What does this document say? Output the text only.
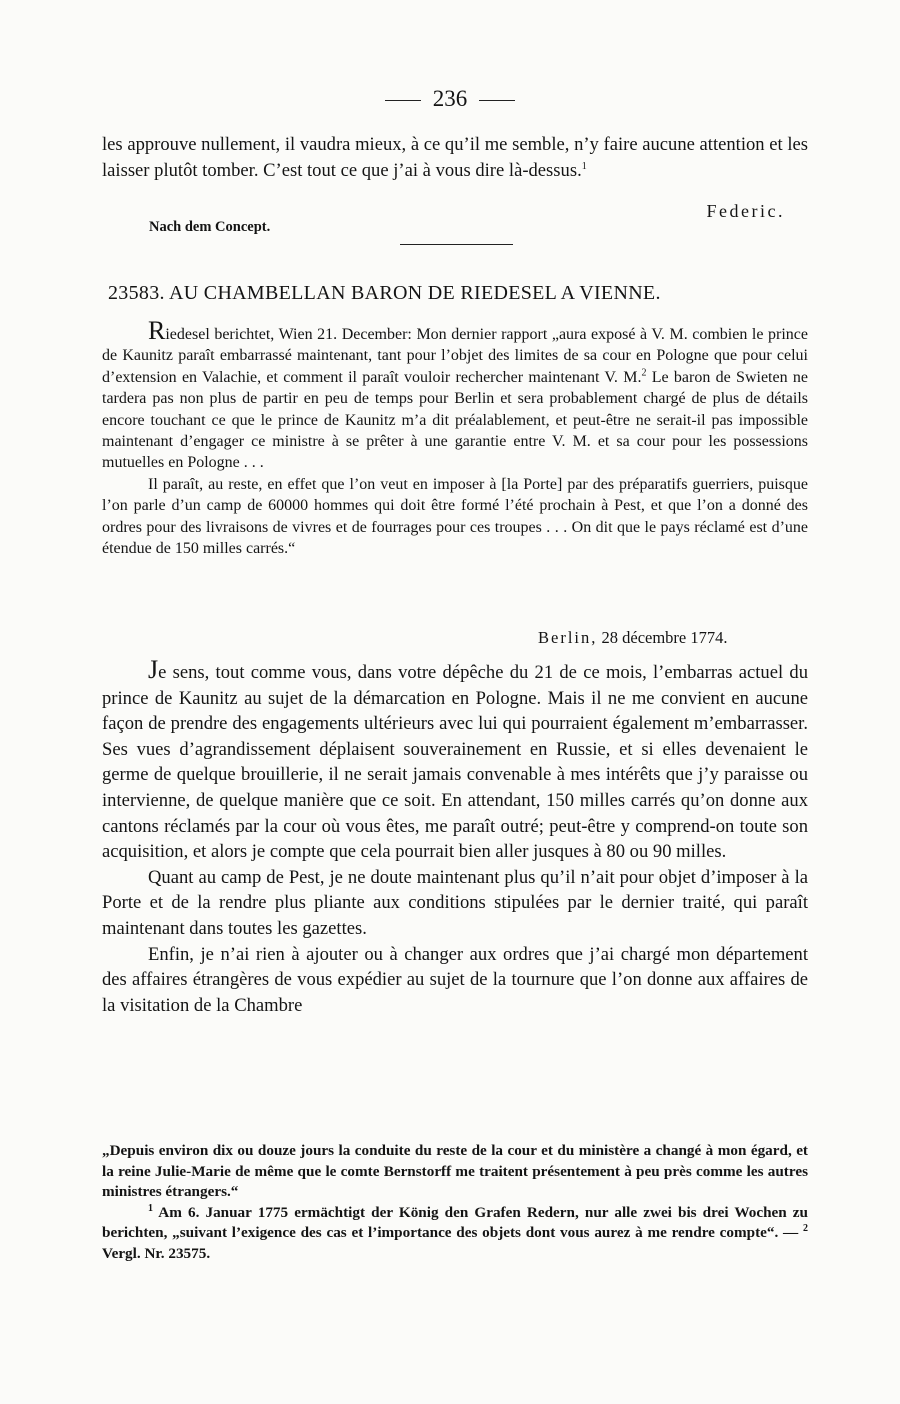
236

les approuve nullement, il vaudra mieux, à ce qu’il me semble, n’y faire aucune attention et les laisser plutôt tomber. C’est tout ce que j’ai à vous dire là-dessus.$^1$

Federic.
Nach dem Concept.
23583. AU CHAMBELLAN BARON DE RIEDESEL A VIENNE.

Riedesel berichtet, Wien 21. December: Mon dernier rapport „aura exposé à V. M. combien le prince de Kaunitz paraît embarrassé maintenant, tant pour l’objet des limites de sa cour en Pologne que pour celui d’extension en Valachie, et comment il paraît vouloir rechercher maintenant V. M.$^2$ Le baron de Swieten ne tardera pas non plus de partir en peu de temps pour Berlin et sera probablement chargé de plus de détails encore touchant ce que le prince de Kaunitz m’a dit préalablement, et peut-être ne serait-il pas impossible maintenant d’engager ce ministre à se prêter à une garantie entre V. M. et sa cour pour les possessions mutuelles en Pologne . . .

Il paraît, au reste, en effet que l’on veut en imposer à [la Porte] par des préparatifs guerriers, puisque l’on parle d’un camp de 60000 hommes qui doit être formé l’été prochain à Pest, et que l’on a donné des ordres pour des livraisons de vivres et de fourrages pour ces troupes . . . On dit que le pays réclamé est d’une étendue de 150 milles carrés.“

Berlin, 28 décembre 1774.

Je sens, tout comme vous, dans votre dépêche du 21 de ce mois, l’embarras actuel du prince de Kaunitz au sujet de la démarcation en Pologne. Mais il ne me convient en aucune façon de prendre des engagements ultérieurs avec lui qui pourraient également m’embarrasser. Ses vues d’agrandissement déplaisent souverainement en Russie, et si elles devenaient le germe de quelque brouillerie, il ne serait jamais convenable à mes intérêts que j’y paraisse ou intervienne, de quelque manière que ce soit. En attendant, 150 milles carrés qu’on donne aux cantons réclamés par la cour où vous êtes, me paraît outré; peut-être y comprend-on toute son acquisition, et alors je compte que cela pourrait bien aller jusques à 80 ou 90 milles.

Quant au camp de Pest, je ne doute maintenant plus qu’il n’ait pour objet d’imposer à la Porte et de la rendre plus pliante aux conditions stipulées par le dernier traité, qui paraît maintenant dans toutes les gazettes.

Enfin, je n’ai rien à ajouter ou à changer aux ordres que j’ai chargé mon département des affaires étrangères de vous expédier au sujet de la tournure que l’on donne aux affaires de la visitation de la Chambre

„Depuis environ dix ou douze jours la conduite du reste de la cour et du ministère a changé à mon égard, et la reine Julie-Marie de même que le comte Bernstorff me traitent présentement à peu près comme les autres ministres étrangers.“

$^1$ Am 6. Januar 1775 ermächtigt der König den Grafen Redern, nur alle zwei bis drei Wochen zu berichten, „suivant l’exigence des cas et l’importance des objets dont vous aurez à me rendre compte“. — $^2$ Vergl. Nr. 23575.
